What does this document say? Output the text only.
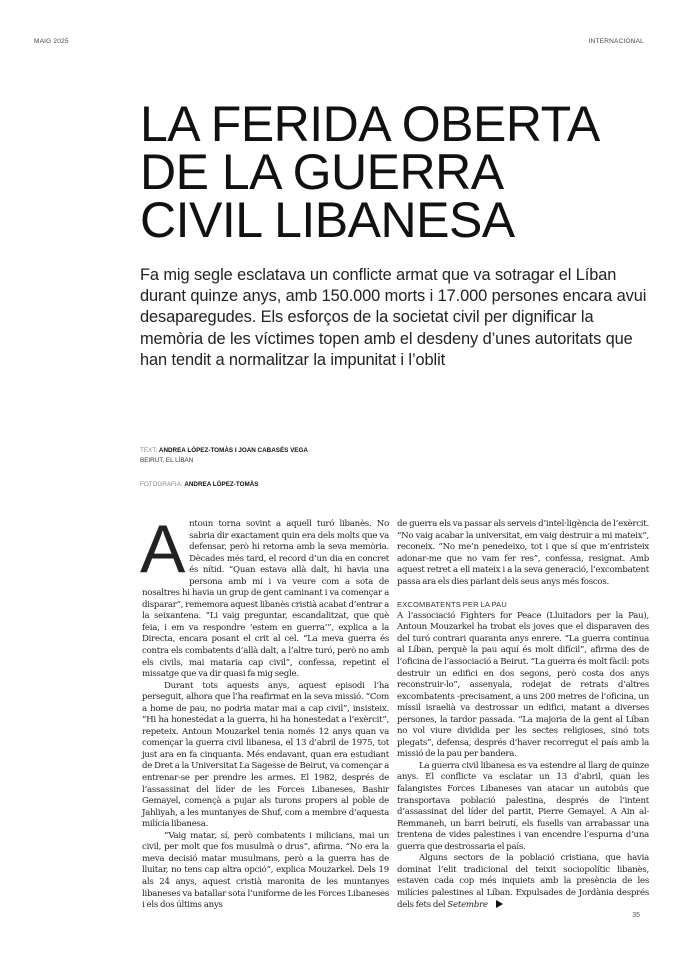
MAIG 2025	INTERNACIONAL
LA FERIDA OBERTA
DE LA GUERRA
CIVIL LIBANESA

Fa mig segle esclatava un conflicte armat que va sotragar el Líban durant quinze anys, amb 150.000 morts i 17.000 persones encara avui desaparegudes. Els esforços de la societat civil per dignificar la memòria de les víctimes topen amb el desdeny d’unes autoritats que han tendit a normalitzar la impunitat i l’oblit

TEXT: ANDREA LÓPEZ-TOMÀS I JOAN CABASÉS VEGA
BEIRUT, EL LÍBAN
FOTOGRAFIA: ANDREA LÓPEZ-TOMÀS

Antoun torna sovint a aquell turó libanès. No sabria dir exactament quin era dels molts que va defensar, però hi retorna amb la seva memòria. Dècades més tard, el record d’un dia en concret és nítid. “Quan estava allà dalt, hi havia una persona amb mi i va veure com a sota de nosaltres hi havia un grup de gent caminant i va començar a disparar”, rememora aquest libanès cristià acabat d’entrar a la seixantena. “Li vaig preguntar, escandalitzat, que què feia, i em va respondre ‘estem en guerra’”, explica a la Directa, encara posant el crit al cel. “La meva guerra és contra els combatents d’allà dalt, a l’altre turó, però no amb els civils, mai mataria cap civil”, confessa, repetint el missatge que va dir quasi fa mig segle.

Durant tots aquests anys, aquest episodi l’ha perseguit, alhora que l’ha reafirmat en la seva missió. “Com a home de pau, no podria matar mai a cap civil”, insisteix. “Hi ha honestedat a la guerra, hi ha honestedat a l’exèrcit”, repeteix. Antoun Mouzarkel tenia només 12 anys quan va començar la guerra civil libanesa, el 13 d’abril de 1975, tot just ara en fa cinquanta. Més endavant, quan era estudiant de Dret a la Universitat La Sagesse de Beirut, va començar a entrenar-se per prendre les armes. El 1982, després de l’assassinat del líder de les Forces Libaneses, Bashir Gemayel, començà a pujar als turons propers al poble de Jahliyah, a les muntanyes de Shuf, com a membre d’aquesta milícia libanesa.

“Vaig matar, sí, però combatents i milicians, mai un civil, per molt que fos musulmà o drus”, afirma. “No era la meva decisió matar musulmans, però a la guerra has de lluitar, no tens cap altra opció”, explica Mouzarkel. Dels 19 als 24 anys, aquest cristià maronita de les muntanyes libaneses va batallar sota l’uniforme de les Forces Libaneses i els dos últims anys

de guerra els va passar als serveis d’intel·ligència de l’exèrcit. “No vaig acabar la universitat, em vaig destruir a mi mateix”, reconeix. “No me’n penedeixo, tot i que sí que m’entristeix adonar-me que no vam fer res”, confessa, resignat. Amb aquest retret a ell mateix i a la seva generació, l’excombatent passa ara els dies parlant dels seus anys més foscos.

EXCOMBATENTS PER LA PAU

A l’associació Fighters for Peace (Lluitadors per la Pau), Antoun Mouzarkel ha trobat els joves que el disparaven des del turó contrari quaranta anys enrere. “La guerra continua al Líban, perquè la pau aquí és molt difícil”, afirma des de l’oficina de l’associació a Beirut. “La guerra és molt fàcil: pots destruir un edifici en dos segons, però costa dos anys reconstruir-lo”, assenyala, rodejat de retrats d’altres excombatents -precisament, a uns 200 metres de l’oficina, un míssil israelià va destrossar un edifici, matant a diverses persones, la tardor passada. “La majoria de la gent al Líban no vol viure dividida per les sectes religioses, sinó tots plegats”, defensa, després d’haver recorregut el país amb la missió de la pau per bandera.

La guerra civil libanesa es va estendre al llarg de quinze anys. El conflicte va esclatar un 13 d’abril, quan les falangistes Forces Libaneses van atacar un autobús que transportava població palestina, després de l’intent d’assassinat del líder del partit, Pierre Gemayel. A Ain al-Remmaneh, un barri beirutí, els fusells van arrabassar una trentena de vides palestines i van encendre l’espurna d’una guerra que destrossaria el país.

Alguns sectors de la població cristiana, que havia dominat l’elit tradicional del teixit sociopolític libanès, estaven cada cop més inquiets amb la presència de les milícies palestines al Líban. Expulsades de Jordània després dels fets del Setembre

35
